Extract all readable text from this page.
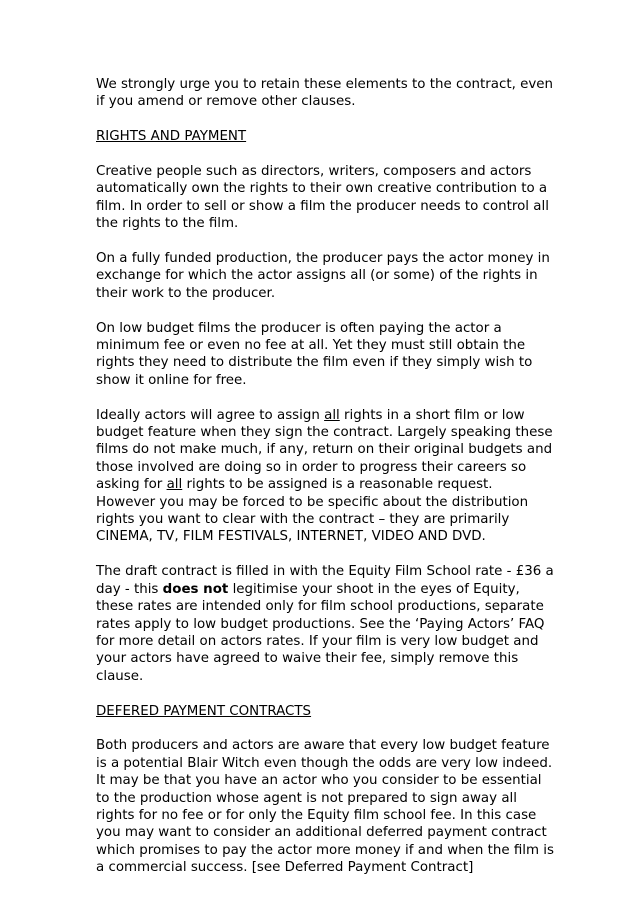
We strongly urge you to retain these elements to the contract, even
if you amend or remove other clauses.

RIGHTS AND PAYMENT

Creative people such as directors, writers, composers and actors
automatically own the rights to their own creative contribution to a
film. In order to sell or show a film the producer needs to control all
the rights to the film.

On a fully funded production, the producer pays the actor money in
exchange for which the actor assigns all (or some) of the rights in
their work to the producer.

On low budget films the producer is often paying the actor a
minimum fee or even no fee at all. Yet they must still obtain the
rights they need to distribute the film even if they simply wish to
show it online for free.

Ideally actors will agree to assign all rights in a short film or low
budget feature when they sign the contract. Largely speaking these
films do not make much, if any, return on their original budgets and
those involved are doing so in order to progress their careers so
asking for all rights to be assigned is a reasonable request.
However you may be forced to be specific about the distribution
rights you want to clear with the contract – they are primarily
CINEMA, TV, FILM FESTIVALS, INTERNET, VIDEO AND DVD.

The draft contract is filled in with the Equity Film School rate - £36 a
day - this does not legitimise your shoot in the eyes of Equity,
these rates are intended only for film school productions, separate
rates apply to low budget productions. See the ‘Paying Actors’ FAQ
for more detail on actors rates. If your film is very low budget and
your actors have agreed to waive their fee, simply remove this
clause.

DEFERED PAYMENT CONTRACTS

Both producers and actors are aware that every low budget feature
is a potential Blair Witch even though the odds are very low indeed.
It may be that you have an actor who you consider to be essential
to the production whose agent is not prepared to sign away all
rights for no fee or for only the Equity film school fee. In this case
you may want to consider an additional deferred payment contract
which promises to pay the actor more money if and when the film is
a commercial success. [see Deferred Payment Contract]
